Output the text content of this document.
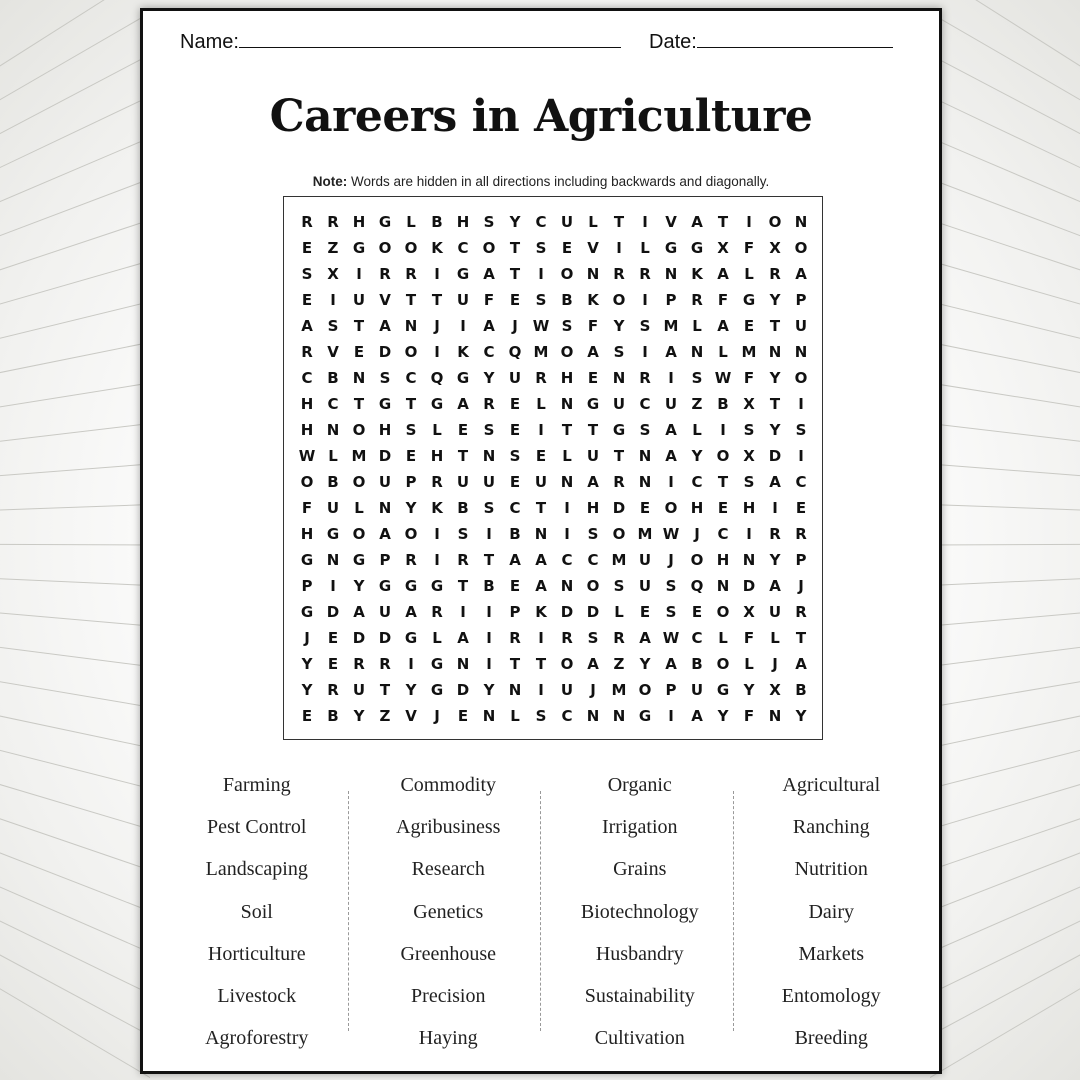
Name:	Date:
Careers in Agriculture
Note: Words are hidden in all directions including backwards and diagonally.
R R H G	L	B H S	Y	C U	L	T	I	V A	T	I	O N
E	Z G O O K C O T	S	E	V	I	L	G G X	F	X O
S X	I	R R	I	G A	T	I	O N R R N K A	L	R A
E	I	U V	T	T U F	E	S B K O	I	P R	F G Y	P
A S	T	A N	J	I	A	J W S	F	Y	S M L	A	E	T U
R V	E D O	I	K C Q M O A S	I	A N L M N N
C B N S	C Q G Y U R H E N R	I	S W F	Y O
H C	T G T G A R	E	L N G U C U Z B X	T	I
H N O H S	L	E	S	E	I	T	T G S A	L	I	S	Y	S
W L M D E H T N S	E	L	U T N A Y O X D	I
O B O U P R U U E U N A R N	I	C	T	S A C
F U	L N Y K B S	C	T	I	H D E O H E H	I	E
H G O A O	I	S	I	B N	I	S O M W J	C	I	R R
G N G P R	I	R	T	A A C C M U	J	O H N Y	P
P	I	Y G G G T	B	E	A N O S U S Q N D A	J
G D A U A R	I	I	P K D D	L	E	S	E O X U R
J	E D D G	L	A	I	R	I	R S R A W C	L	F	L	T
Y	E	R R	I	G N	I	T	T O A Z	Y A B O L	J	A
Y R U T	Y G D Y N	I	U	J	M O P U G Y X B
E	B Y	Z V	J	E N L	S	C N N G	I	A Y	F N Y
Farming
Pest Control
Landscaping
Soil
Horticulture
Livestock
Agroforestry
Commodity
Agribusiness
Research
Genetics
Greenhouse
Precision
Haying
Organic
Irrigation
Grains
Biotechnology
Husbandry
Sustainability
Cultivation
Agricultural
Ranching
Nutrition
Dairy
Markets
Entomology
Breeding
